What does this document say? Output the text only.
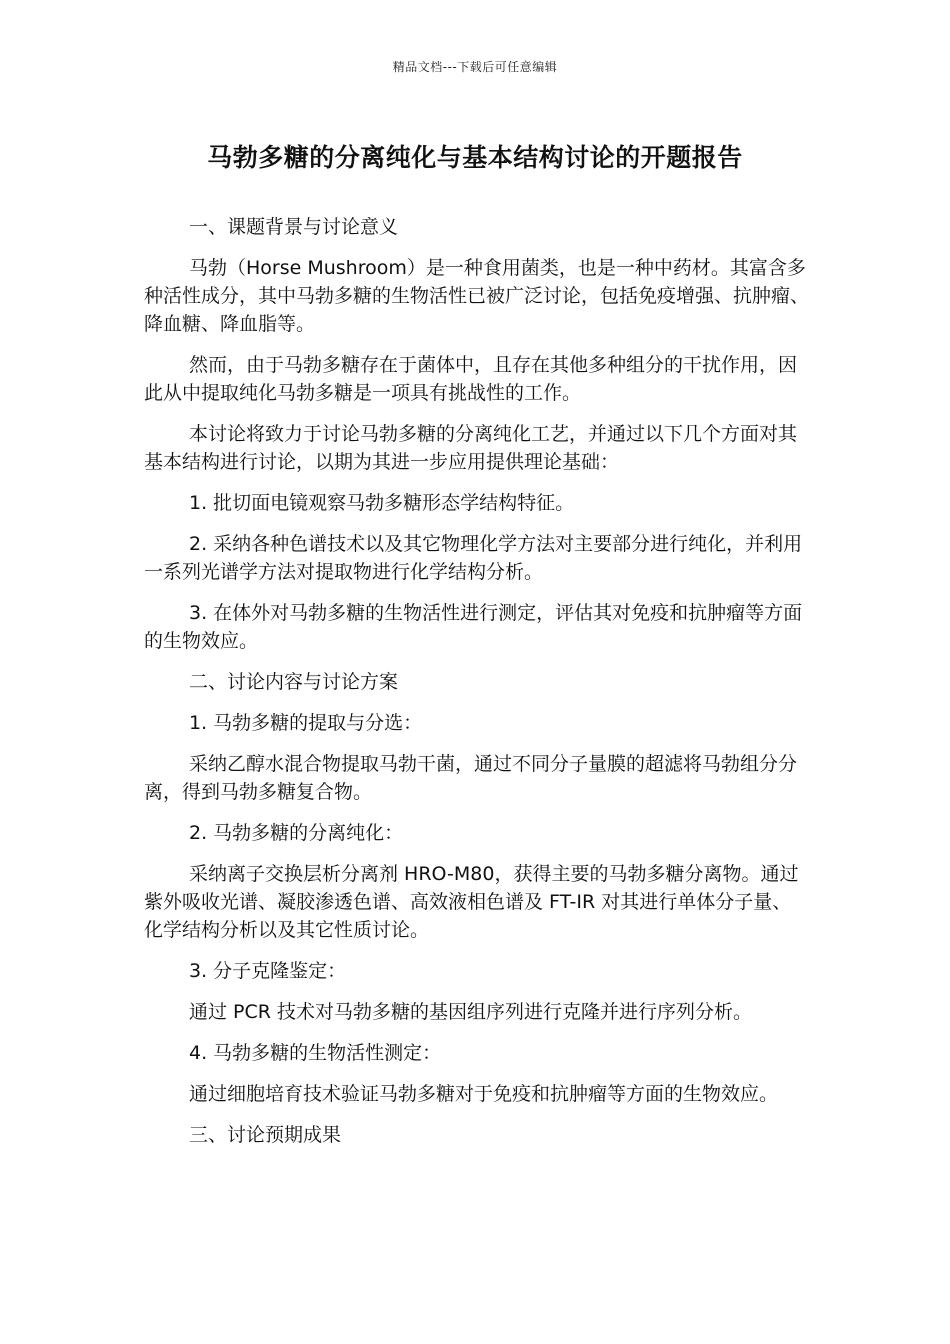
精品文档---下载后可任意编辑
马勃多糖的分离纯化与基本结构讨论的开题报告

一、课题背景与讨论意义

马勃（Horse Mushroom）是一种食用菌类，也是一种中药材。其富含多种活性成分，其中马勃多糖的生物活性已被广泛讨论，包括免疫增强、抗肿瘤、降血糖、降血脂等。

然而，由于马勃多糖存在于菌体中，且存在其他多种组分的干扰作用，因此从中提取纯化马勃多糖是一项具有挑战性的工作。

本讨论将致力于讨论马勃多糖的分离纯化工艺，并通过以下几个方面对其基本结构进行讨论，以期为其进一步应用提供理论基础：

1. 批切面电镜观察马勃多糖形态学结构特征。

2. 采纳各种色谱技术以及其它物理化学方法对主要部分进行纯化，并利用一系列光谱学方法对提取物进行化学结构分析。

3. 在体外对马勃多糖的生物活性进行测定，评估其对免疫和抗肿瘤等方面的生物效应。

二、讨论内容与讨论方案

1. 马勃多糖的提取与分选：

采纳乙醇水混合物提取马勃干菌，通过不同分子量膜的超滤将马勃组分分离，得到马勃多糖复合物。

2. 马勃多糖的分离纯化：

采纳离子交换层析分离剂 HRO-M80，获得主要的马勃多糖分离物。通过紫外吸收光谱、凝胶渗透色谱、高效液相色谱及 FT-IR 对其进行单体分子量、化学结构分析以及其它性质讨论。

3. 分子克隆鉴定：

通过 PCR 技术对马勃多糖的基因组序列进行克隆并进行序列分析。

4. 马勃多糖的生物活性测定：

通过细胞培育技术验证马勃多糖对于免疫和抗肿瘤等方面的生物效应。

三、讨论预期成果
